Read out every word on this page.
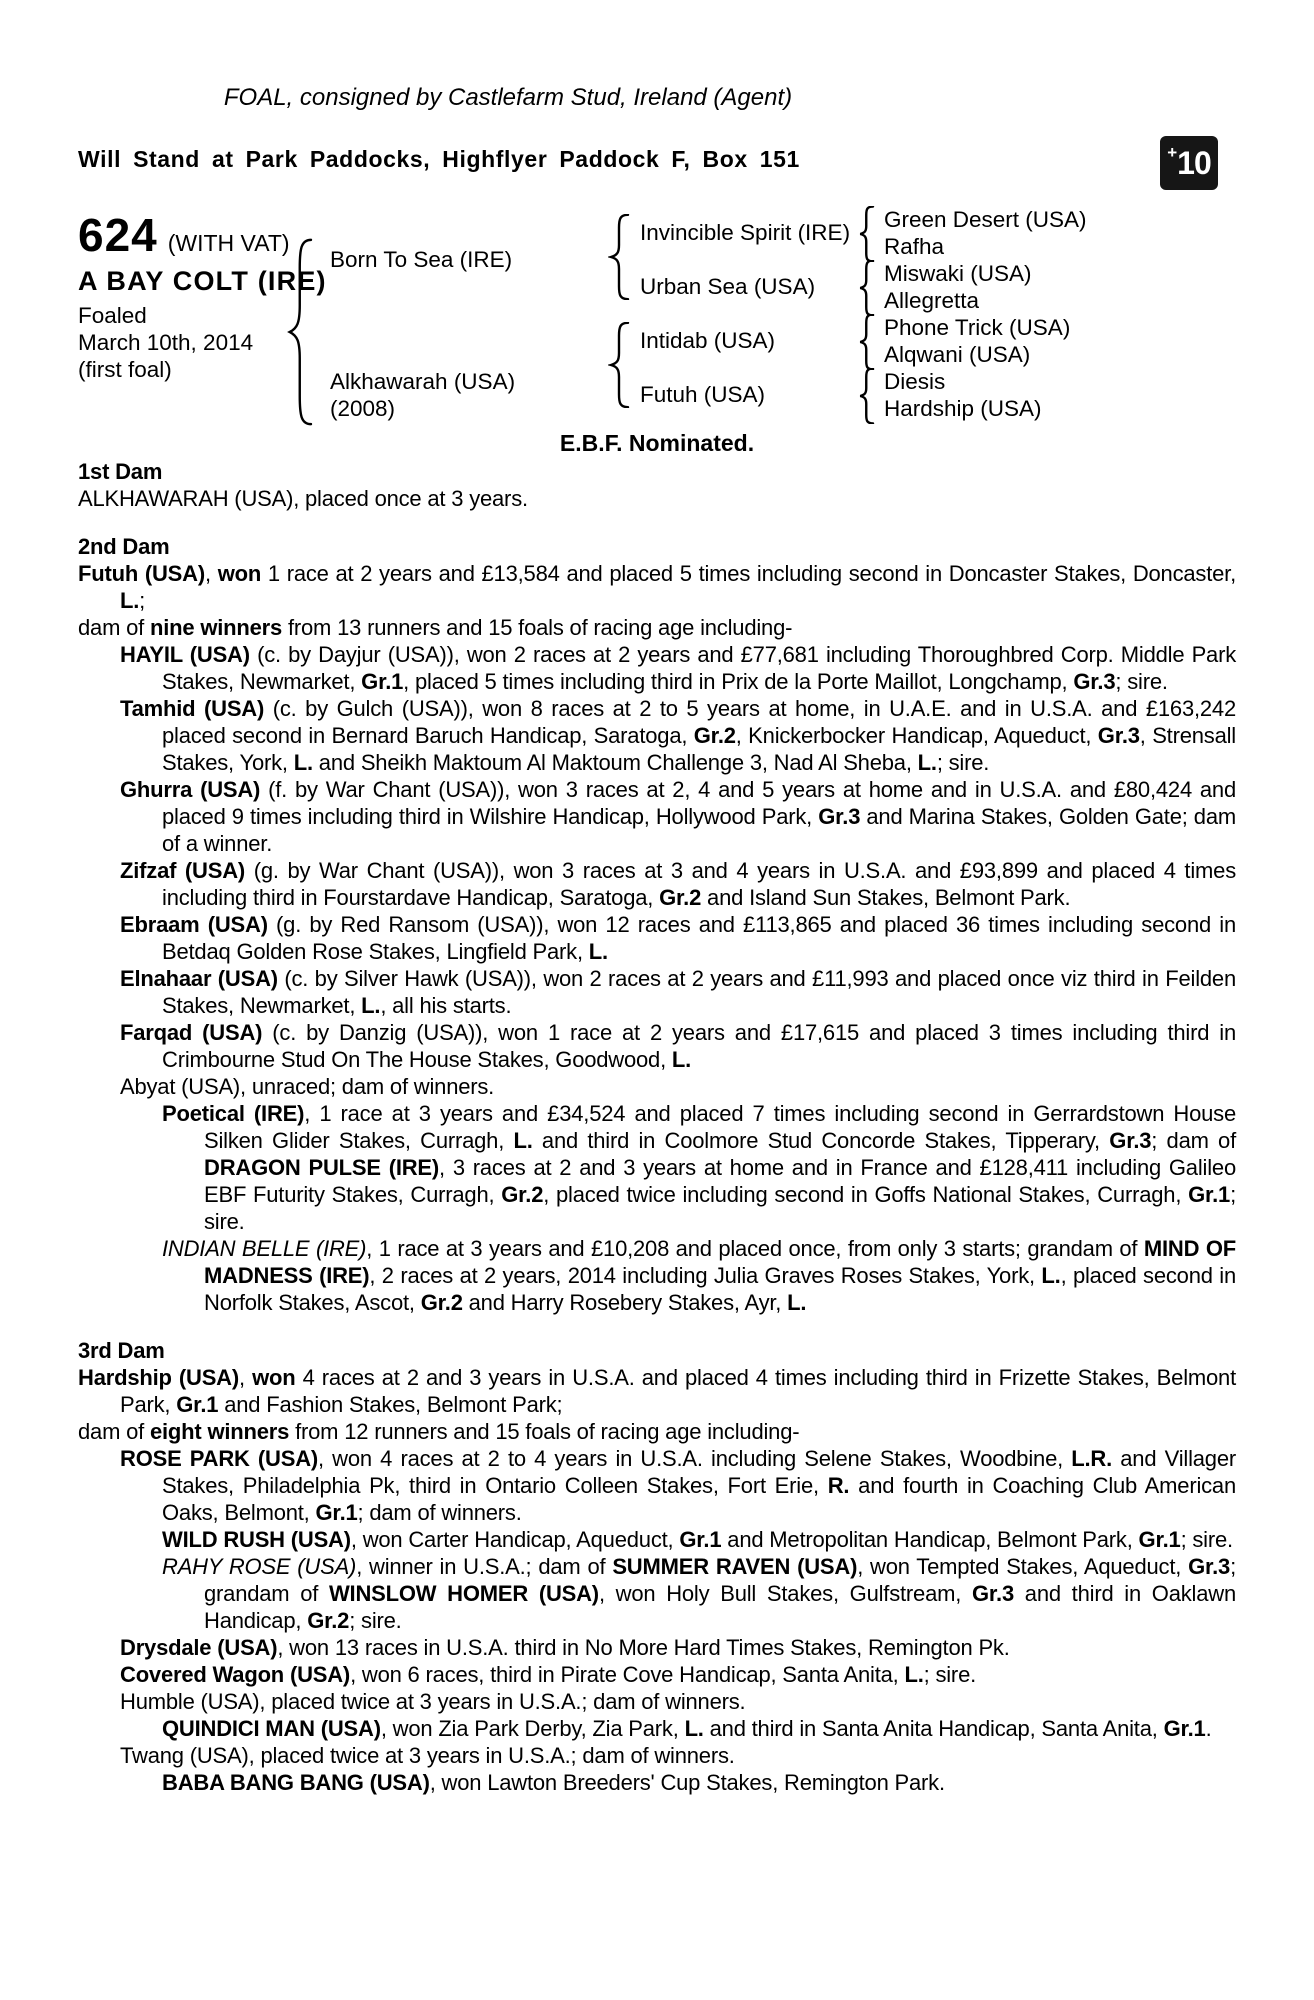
FOAL, consigned by Castlefarm Stud, Ireland (Agent)
Will Stand at Park Paddocks, Highflyer Paddock F, Box 151	+ 10
624 (WITH VAT)
A BAY COLT (IRE)
Foaled
March 10th, 2014
(first foal)
Born To Sea (IRE)
Alkhawarah (USA)
(2008)
Invincible Spirit (IRE)
Urban Sea (USA)
Intidab (USA)
Futuh (USA)
Green Desert (USA)
Rafha
Miswaki (USA)
Allegretta
Phone Trick (USA)
Alqwani (USA)
Diesis
Hardship (USA)
E.B.F. Nominated.
1st Dam
ALKHAWARAH (USA), placed once at 3 years.
2nd Dam
Futuh (USA), won 1 race at 2 years and £13,584 and placed 5 times including second in Doncaster Stakes, Doncaster, L.;
dam of nine winners from 13 runners and 15 foals of racing age including-
HAYIL (USA) (c. by Dayjur (USA)), won 2 races at 2 years and £77,681 including Thoroughbred Corp. Middle Park Stakes, Newmarket, Gr.1, placed 5 times including third in Prix de la Porte Maillot, Longchamp, Gr.3; sire.
Tamhid (USA) (c. by Gulch (USA)), won 8 races at 2 to 5 years at home, in U.A.E. and in U.S.A. and £163,242 placed second in Bernard Baruch Handicap, Saratoga, Gr.2, Knickerbocker Handicap, Aqueduct, Gr.3, Strensall Stakes, York, L. and Sheikh Maktoum Al Maktoum Challenge 3, Nad Al Sheba, L.; sire.
Ghurra (USA) (f. by War Chant (USA)), won 3 races at 2, 4 and 5 years at home and in U.S.A. and £80,424 and placed 9 times including third in Wilshire Handicap, Hollywood Park, Gr.3 and Marina Stakes, Golden Gate; dam of a winner.
Zifzaf (USA) (g. by War Chant (USA)), won 3 races at 3 and 4 years in U.S.A. and £93,899 and placed 4 times including third in Fourstardave Handicap, Saratoga, Gr.2 and Island Sun Stakes, Belmont Park.
Ebraam (USA) (g. by Red Ransom (USA)), won 12 races and £113,865 and placed 36 times including second in Betdaq Golden Rose Stakes, Lingfield Park, L.
Elnahaar (USA) (c. by Silver Hawk (USA)), won 2 races at 2 years and £11,993 and placed once viz third in Feilden Stakes, Newmarket, L., all his starts.
Farqad (USA) (c. by Danzig (USA)), won 1 race at 2 years and £17,615 and placed 3 times including third in Crimbourne Stud On The House Stakes, Goodwood, L.
Abyat (USA), unraced; dam of winners.
Poetical (IRE), 1 race at 3 years and £34,524 and placed 7 times including second in Gerrardstown House Silken Glider Stakes, Curragh, L. and third in Coolmore Stud Concorde Stakes, Tipperary, Gr.3; dam of DRAGON PULSE (IRE), 3 races at 2 and 3 years at home and in France and £128,411 including Galileo EBF Futurity Stakes, Curragh, Gr.2, placed twice including second in Goffs National Stakes, Curragh, Gr.1; sire.
INDIAN BELLE (IRE), 1 race at 3 years and £10,208 and placed once, from only 3 starts; grandam of MIND OF MADNESS (IRE), 2 races at 2 years, 2014 including Julia Graves Roses Stakes, York, L., placed second in Norfolk Stakes, Ascot, Gr.2 and Harry Rosebery Stakes, Ayr, L.
3rd Dam
Hardship (USA), won 4 races at 2 and 3 years in U.S.A. and placed 4 times including third in Frizette Stakes, Belmont Park, Gr.1 and Fashion Stakes, Belmont Park;
dam of eight winners from 12 runners and 15 foals of racing age including-
ROSE PARK (USA), won 4 races at 2 to 4 years in U.S.A. including Selene Stakes, Woodbine, L.R. and Villager Stakes, Philadelphia Pk, third in Ontario Colleen Stakes, Fort Erie, R. and fourth in Coaching Club American Oaks, Belmont, Gr.1; dam of winners.
WILD RUSH (USA), won Carter Handicap, Aqueduct, Gr.1 and Metropolitan Handicap, Belmont Park, Gr.1; sire.
RAHY ROSE (USA), winner in U.S.A.; dam of SUMMER RAVEN (USA), won Tempted Stakes, Aqueduct, Gr.3; grandam of WINSLOW HOMER (USA), won Holy Bull Stakes, Gulfstream, Gr.3 and third in Oaklawn Handicap, Gr.2; sire.
Drysdale (USA), won 13 races in U.S.A. third in No More Hard Times Stakes, Remington Pk.
Covered Wagon (USA), won 6 races, third in Pirate Cove Handicap, Santa Anita, L.; sire.
Humble (USA), placed twice at 3 years in U.S.A.; dam of winners.
QUINDICI MAN (USA), won Zia Park Derby, Zia Park, L. and third in Santa Anita Handicap, Santa Anita, Gr.1.
Twang (USA), placed twice at 3 years in U.S.A.; dam of winners.
BABA BANG BANG (USA), won Lawton Breeders' Cup Stakes, Remington Park.
